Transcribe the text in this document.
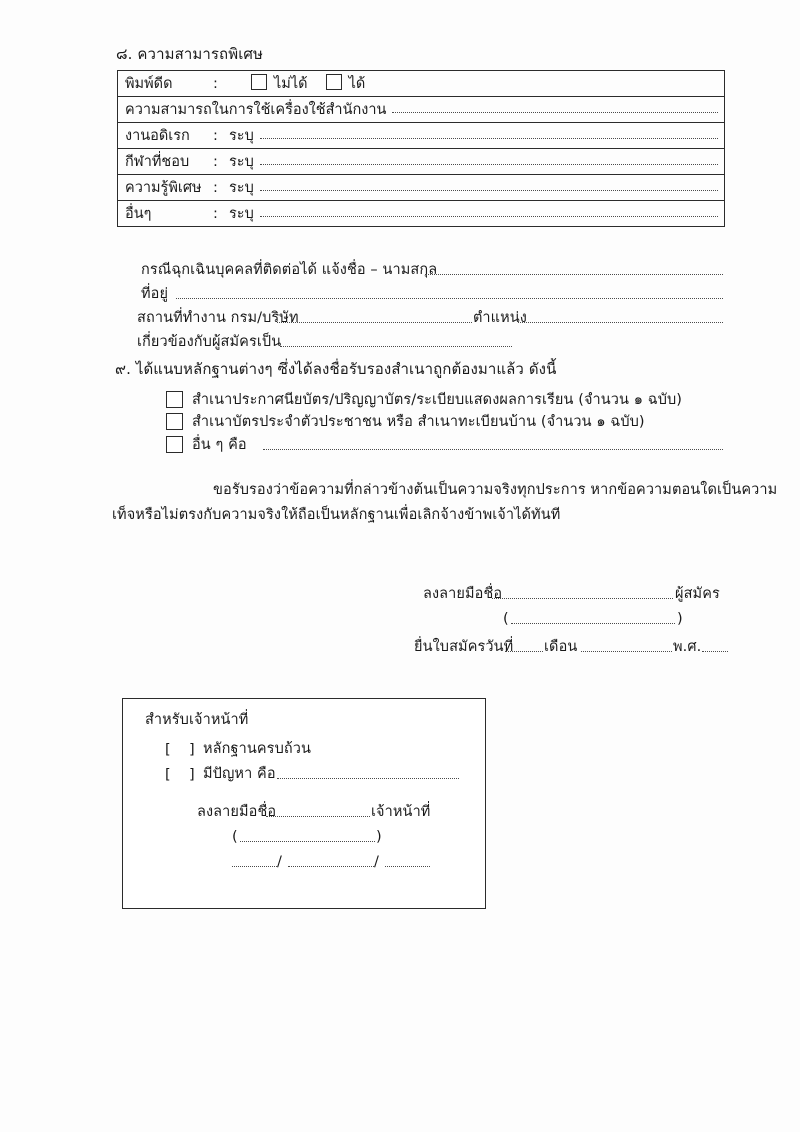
๘. ความสามารถพิเศษ
พิมพ์ดีด	:	ไม่ได้	ได้

ความสามารถในการใช้เครื่องใช้สำนักงาน

งานอดิเรก	: ระบุ

กีฬาที่ชอบ	: ระบุ

ความรู้พิเศษ : ระบุ

อื่นๆ	: ระบุ
กรณีฉุกเฉินบุคคลที่ติดต่อได้ แจ้งชื่อ – นามสกุล
ที่อยู่
สถานที่ทำงาน กรม/บริษัท	ตำแหน่ง
เกี่ยวข้องกับผู้สมัครเป็น
๙. ได้แนบหลักฐานต่างๆ ซึ่งได้ลงชื่อรับรองสำเนาถูกต้องมาแล้ว ดังนี้
สำเนาประกาศนียบัตร/ปริญญาบัตร/ระเบียบแสดงผลการเรียน (จำนวน ๑ ฉบับ)
สำเนาบัตรประจำตัวประชาชน หรือ สำเนาทะเบียนบ้าน (จำนวน ๑ ฉบับ)
อื่น ๆ คือ
ขอรับรองว่าข้อความที่กล่าวข้างต้นเป็นความจริงทุกประการ หากข้อความตอนใดเป็นความ
เท็จหรือไม่ตรงกับความจริงให้ถือเป็นหลักฐานเพื่อเลิกจ้างข้าพเจ้าได้ทันที
ลงลายมือชื่อ	ผู้สมัคร
(	)
ยื่นใบสมัครวันที่ เดือน	พ.ศ.
สำหรับเจ้าหน้าที่
[ ] หลักฐานครบถ้วน
[ ] มีปัญหา คือ
ลงลายมือชื่อ	เจ้าหน้าที่
(	)
/	/
